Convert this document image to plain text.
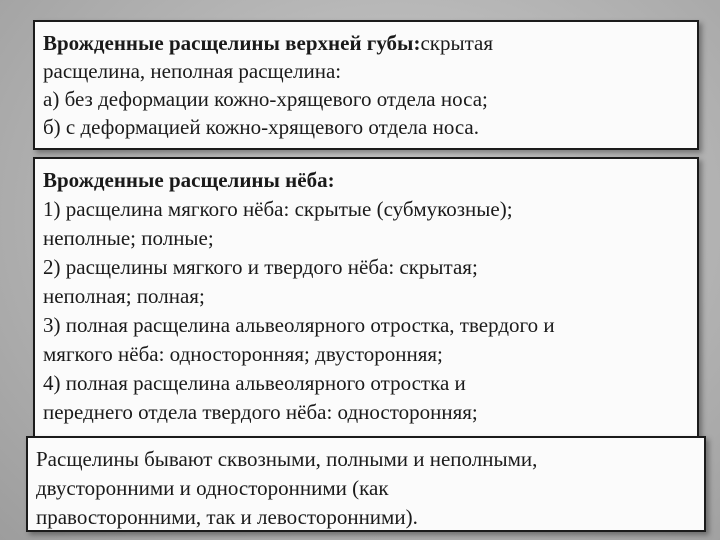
Врожденные расщелины верхней губы:скрытая
расщелина, неполная расщелина:
а) без деформации кожно-хрящевого отдела носа;
б) с деформацией кожно-хрящевого отдела носа.
Врожденные расщелины нёба:
1) расщелина мягкого нёба: скрытые (субмукозные);
неполные; полные;
2) расщелины мягкого и твердого нёба: скрытая;
неполная; полная;
3) полная расщелина альвеолярного отростка, твердого и
мягкого нёба: односторонняя; двусторонняя;
4) полная расщелина альвеолярного отростка и
переднего отдела твердого нёба: односторонняя;
Расщелины бывают сквозными, полными и неполными,
двусторонними и односторонними (как
правосторонними, так и левосторонними).
